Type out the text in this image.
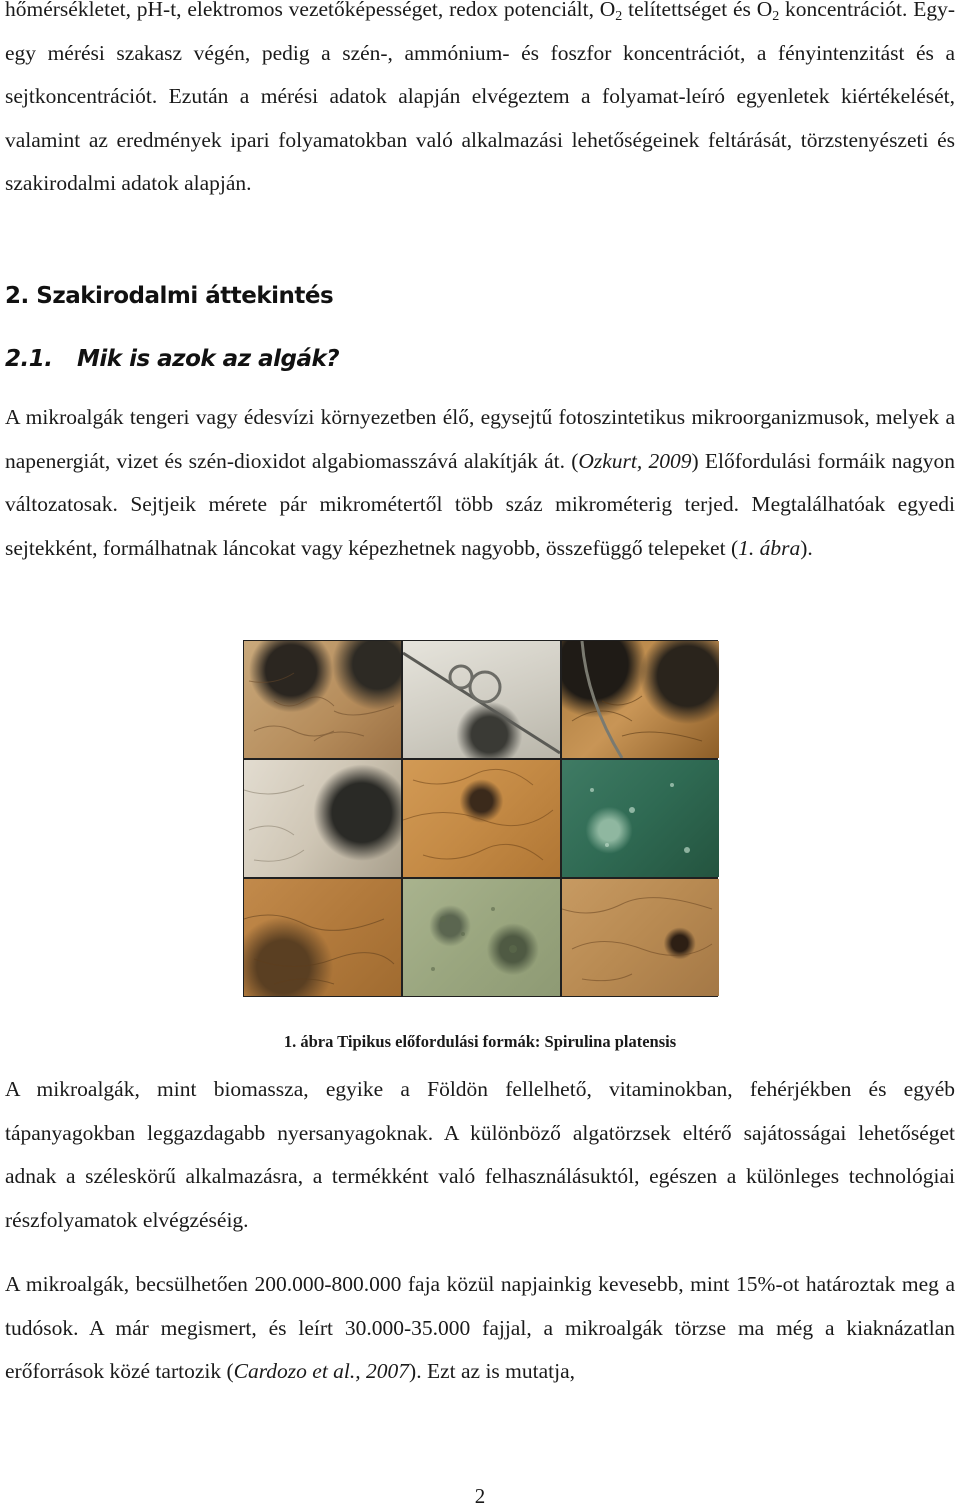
hőmérsékletet, pH-t, elektromos vezetőképességet, redox potenciált, $O_2$ telítettséget és $O_2$ koncentrációt. Egy-egy mérési szakasz végén, pedig a szén-, ammónium- és foszfor koncentrációt, a fényintenzitást és a sejtkoncentrációt. Ezután a mérési adatok alapján elvégeztem a folyamat-leíró egyenletek kiértékelését, valamint az eredmények ipari folyamatokban való alkalmazási lehetőségeinek feltárását, törzstenyészeti és szakirodalmi adatok alapján.

2. Szakirodalmi áttekintés
2.1. Mik is azok az algák?

A mikroalgák tengeri vagy édesvízi környezetben élő, egysejtű fotoszintetikus mikroorganizmusok, melyek a napenergiát, vizet és szén-dioxidot algabiomasszává alakítják át. (Ozkurt, 2009) Előfordulási formáik nagyon változatosak. Sejtjeik mérete pár mikrométertől több száz mikrométerig terjed. Megtalálhatóak egyedi sejtekként, formálhatnak láncokat vagy képezhetnek nagyobb, összefüggő telepeket (1. ábra).

A mikroalgák, mint biomassza, egyike a Földön fellelhető, vitaminokban, fehérjékben és egyéb tápanyagokban leggazdagabb nyersanyagoknak. A különböző algatörzsek eltérő sajátosságai lehetőséget adnak a széleskörű alkalmazásra, a termékként való felhasználásuktól, egészen a különleges technológiai részfolyamatok elvégzéséig.

A mikroalgák, becsülhetően 200.000-800.000 faja közül napjainkig kevesebb, mint 15%-ot határoztak meg a tudósok. A már megismert, és leírt 30.000-35.000 fajjal, a mikroalgák törzse ma még a kiaknázatlan erőforrások közé tartozik (Cardozo et al., 2007). Ezt az is mutatja,

1. ábra Tipikus előfordulási formák: Spirulina platensis

2
